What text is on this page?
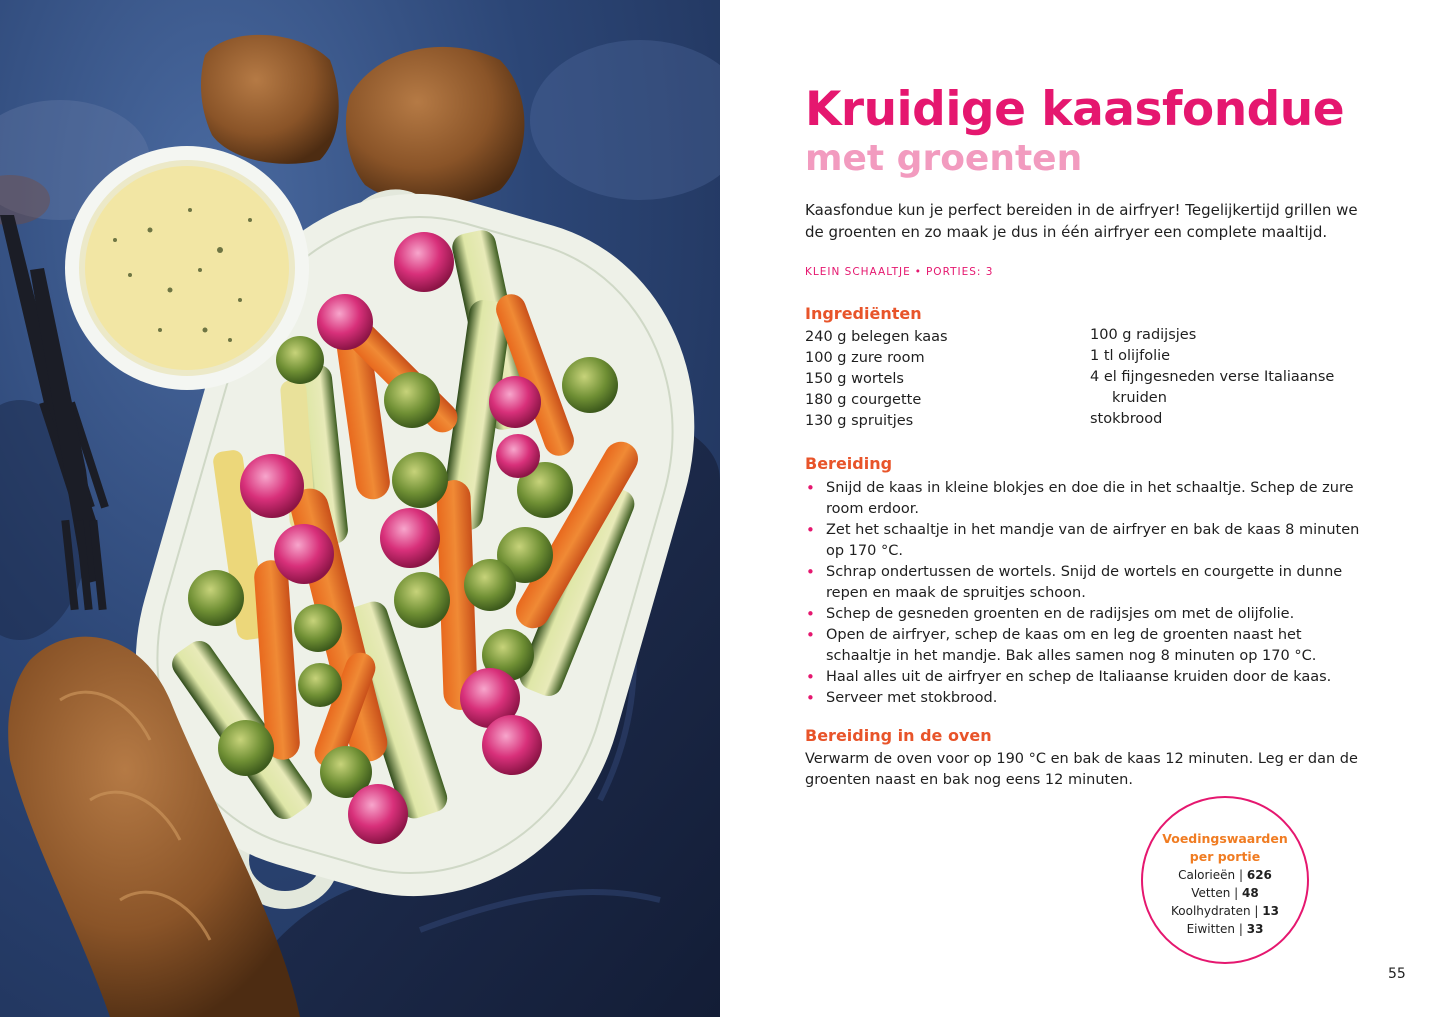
Kruidige kaasfondue
met groenten

Kaasfondue kun je perfect bereiden in de airfryer! Tegelijkertijd grillen we de groenten en zo maak je dus in één airfryer een complete maaltijd.

KLEIN SCHAALTJE • PORTIES: 3

Ingrediënten
240 g belegen kaas
100 g zure room
150 g wortels
180 g courgette
130 g spruitjes
100 g radijsjes
1 tl olijfolie
4 el fijngesneden verse Italiaanse
kruiden
stokbrood
Bereiding
• Snijd de kaas in kleine blokjes en doe die in het schaaltje. Schep de zure room erdoor.
• Zet het schaaltje in het mandje van de airfryer en bak de kaas 8 minuten op 170 °C.
• Schrap ondertussen de wortels. Snijd de wortels en courgette in dunne repen en maak de spruitjes schoon.
• Schep de gesneden groenten en de radijsjes om met de olijfolie.
• Open de airfryer, schep de kaas om en leg de groenten naast het schaaltje in het mandje. Bak alles samen nog 8 minuten op 170 °C.
• Haal alles uit de airfryer en schep de Italiaanse kruiden door de kaas.
• Serveer met stokbrood.
Bereiding in de oven

Verwarm de oven voor op 190 °C en bak de kaas 12 minuten. Leg er dan de groenten naast en bak nog eens 12 minuten.

Voedingswaarden
per portie
Calorieën | 626
Vetten | 48
Koolhydraten | 13
Eiwitten | 33

55
